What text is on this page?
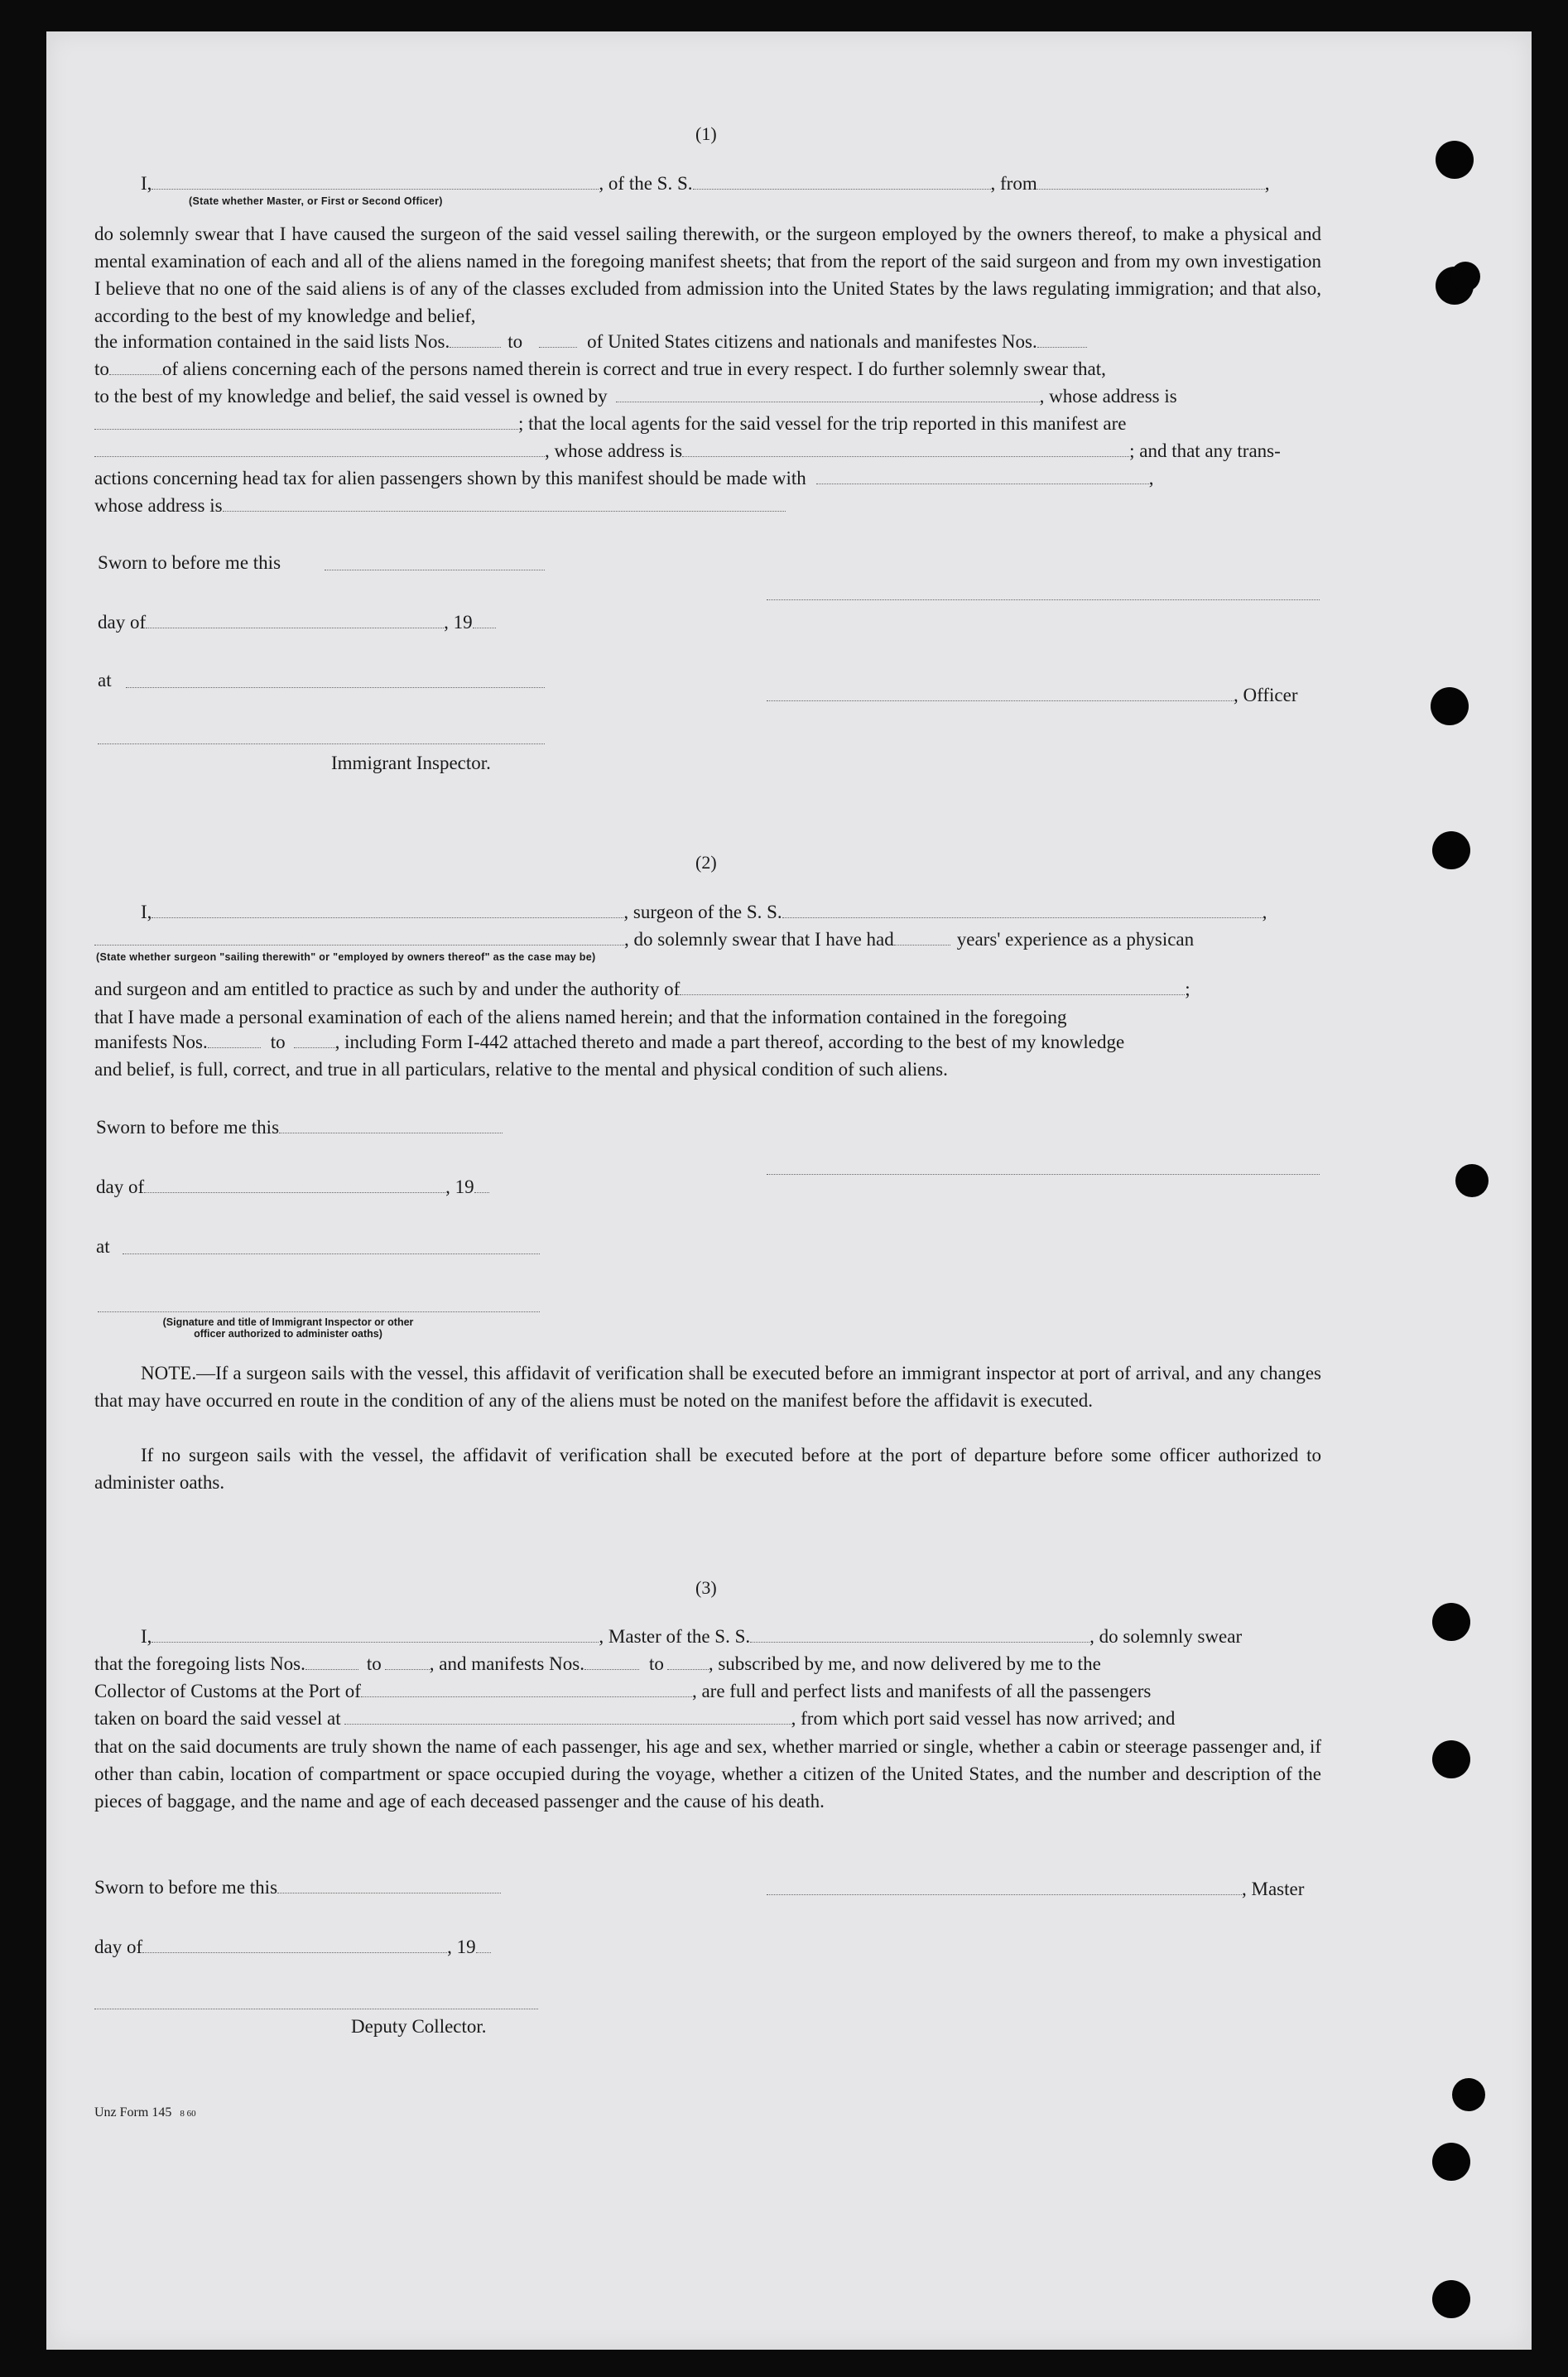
(1)
I,	, of the S. S.	, from	,
(State whether Master, or First or Second Officer)
do solemnly swear that I have caused the surgeon of the said vessel sailing therewith, or the surgeon employed by the owners thereof, to make a physical and mental examination of each and all of the aliens named in the foregoing manifest sheets; that from the report of the said surgeon and from my own investigation I believe that no one of the said aliens is of any of the classes excluded from admission into the United States by the laws regulating immigration; and that also, according to the best of my knowledge and belief,
the information contained in the said lists Nos.	to	of United States citizens and nationals and manifestes Nos.
to	of aliens concerning each of the persons named therein is correct and true in every respect. I do further solemnly swear that,
to the best of my knowledge and belief, the said vessel is owned by	, whose address is
; that the local agents for the said vessel for the trip reported in this manifest are
, whose address is	; and that any trans-
actions concerning head tax for alien passengers shown by this manifest should be made with	,
whose address is
Sworn to before me this
day of	, 19
at
, Officer
Immigrant Inspector.
(2)
I,	, surgeon of the S. S.	,
, do solemnly swear that I have had	years' experience as a physican
(State whether surgeon "sailing therewith" or "employed by owners thereof" as the case may be)
and surgeon and am entitled to practice as such by and under the authority of	;
that I have made a personal examination of each of the aliens named herein; and that the information contained in the foregoing
manifests Nos.	to	, including Form I-442 attached thereto and made a part thereof, according to the best of my knowledge
and belief, is full, correct, and true in all particulars, relative to the mental and physical condition of such aliens.
Sworn to before me this
day of	, 19
at
(Signature and title of Immigrant Inspector or other
officer authorized to administer oaths)
NOTE.—If a surgeon sails with the vessel, this affidavit of verification shall be executed before an immigrant inspector at port of arrival, and any changes that may have occurred en route in the condition of any of the aliens must be noted on the manifest before the affidavit is executed.
If no surgeon sails with the vessel, the affidavit of verification shall be executed before at the port of departure before some officer authorized to administer oaths.
(3)
I,	, Master of the S. S.	, do solemnly swear
that the foregoing lists Nos.	to	, and manifests Nos.	to , subscribed by me, and now delivered by me to the
Collector of Customs at the Port of	, are full and perfect lists and manifests of all the passengers
taken on board the said vessel at	, from which port said vessel has now arrived; and
that on the said documents are truly shown the name of each passenger, his age and sex, whether married or single, whether a cabin or steerage passenger and, if other than cabin, location of compartment or space occupied during the voyage, whether a citizen of the United States, and the number and description of the pieces of baggage, and the name and age of each deceased passenger and the cause of his death.
Sworn to before me this	, Master
day of	, 19
Deputy Collector.
Unz Form 145 8 60
